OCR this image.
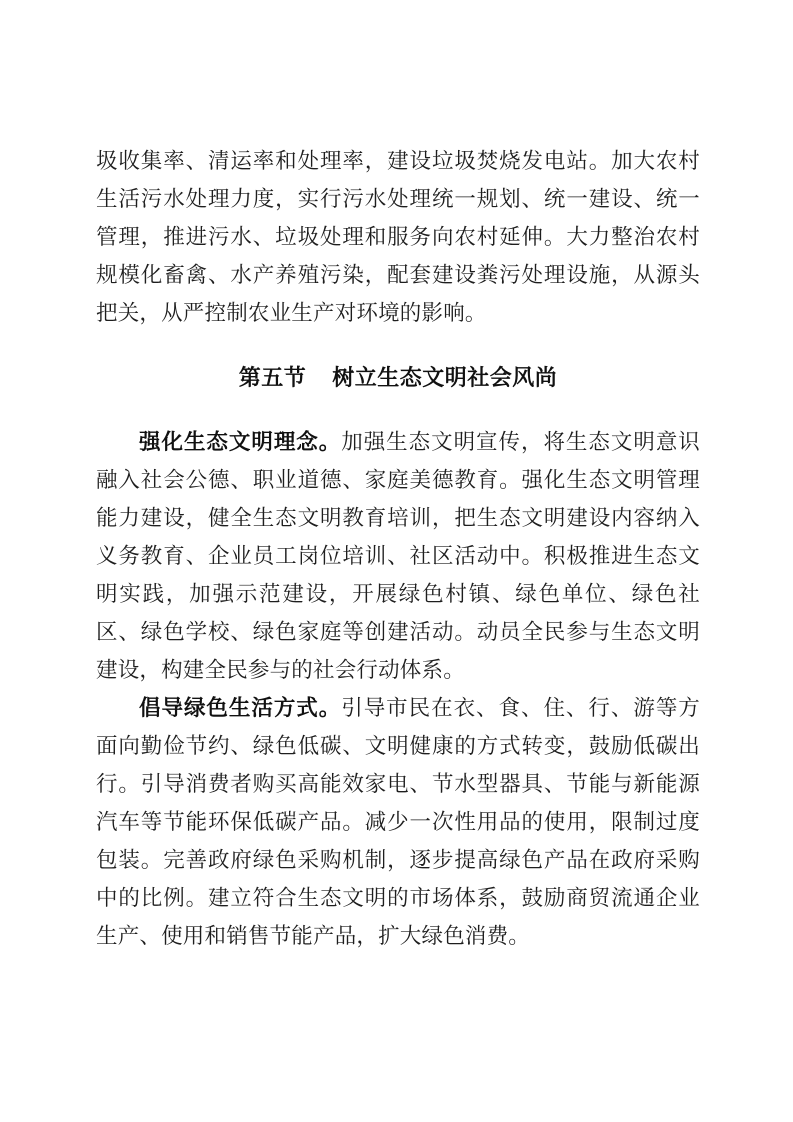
圾收集率、清运率和处理率，建设垃圾焚烧发电站。加大农村生活污水处理力度，实行污水处理统一规划、统一建设、统一管理，推进污水、垃圾处理和服务向农村延伸。大力整治农村规模化畜禽、水产养殖污染，配套建设粪污处理设施，从源头把关，从严控制农业生产对环境的影响。

第五节 树立生态文明社会风尚

强化生态文明理念。加强生态文明宣传，将生态文明意识融入社会公德、职业道德、家庭美德教育。强化生态文明管理能力建设，健全生态文明教育培训，把生态文明建设内容纳入义务教育、企业员工岗位培训、社区活动中。积极推进生态文明实践，加强示范建设，开展绿色村镇、绿色单位、绿色社区、绿色学校、绿色家庭等创建活动。动员全民参与生态文明建设，构建全民参与的社会行动体系。

倡导绿色生活方式。引导市民在衣、食、住、行、游等方面向勤俭节约、绿色低碳、文明健康的方式转变，鼓励低碳出行。引导消费者购买高能效家电、节水型器具、节能与新能源汽车等节能环保低碳产品。减少一次性用品的使用，限制过度包装。完善政府绿色采购机制，逐步提高绿色产品在政府采购中的比例。建立符合生态文明的市场体系，鼓励商贸流通企业生产、使用和销售节能产品，扩大绿色消费。
